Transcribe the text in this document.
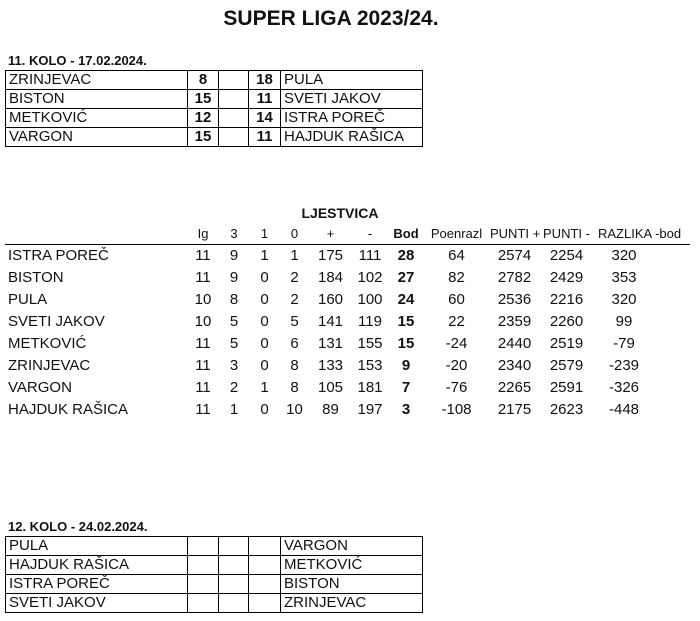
SUPER LIGA 2023/24.
11. KOLO - 17.02.2024.
ZRINJEVAC	8		18	PULA
BISTON	15		11	SVETI JAKOV
METKOVIĆ	12		14	ISTRA POREČ
VARGON	15		11	HAJDUK RAŠICA
LJESTVICA
	Ig	3	1	0	+	-	Bod	Poenrazl	PUNTI +	PUNTI -	RAZLIKA -bod
ISTRA POREČ	11	9	1	1	175	111	28	64	2574	2254	320
BISTON	11	9	0	2	184	102	27	82	2782	2429	353
PULA	10	8	0	2	160	100	24	60	2536	2216	320
SVETI JAKOV	10	5	0	5	141	119	15	22	2359	2260	99
METKOVIĆ	11	5	0	6	131	155	15	-24	2440	2519	-79
ZRINJEVAC	11	3	0	8	133	153	9	-20	2340	2579	-239
VARGON	11	2	1	8	105	181	7	-76	2265	2591	-326
HAJDUK RAŠICA	11	1	0	10	89	197	3	-108	2175	2623	-448
12. KOLO - 24.02.2024.
PULA				VARGON
HAJDUK RAŠICA				METKOVIĆ
ISTRA POREČ				BISTON
SVETI JAKOV				ZRINJEVAC
